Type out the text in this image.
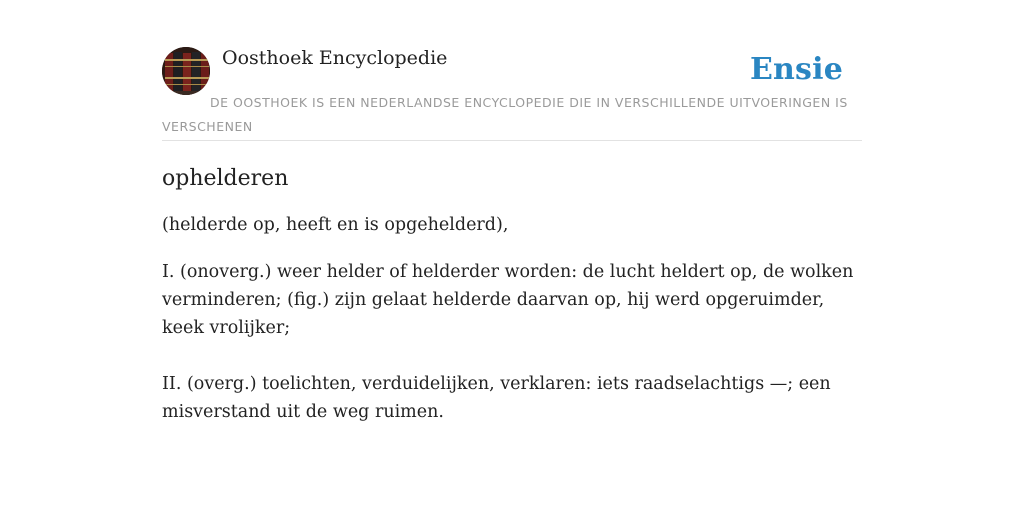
Oosthoek Encyclopedie	Ensie
DE OOSTHOEK IS EEN NEDERLANDSE ENCYCLOPEDIE DIE IN VERSCHILLENDE UITVOERINGEN IS VERSCHENEN
ophelderen

(helderde op, heeft en is opgehelderd),

I. (onoverg.) weer helder of helderder worden: de lucht heldert op, de wolken verminderen; (fig.) zijn gelaat helderde daarvan op, hij werd opgeruimder, keek vrolijker;

II. (overg.) toelichten, verduidelijken, verklaren: iets raadselachtigs —; een misverstand uit de weg ruimen.
